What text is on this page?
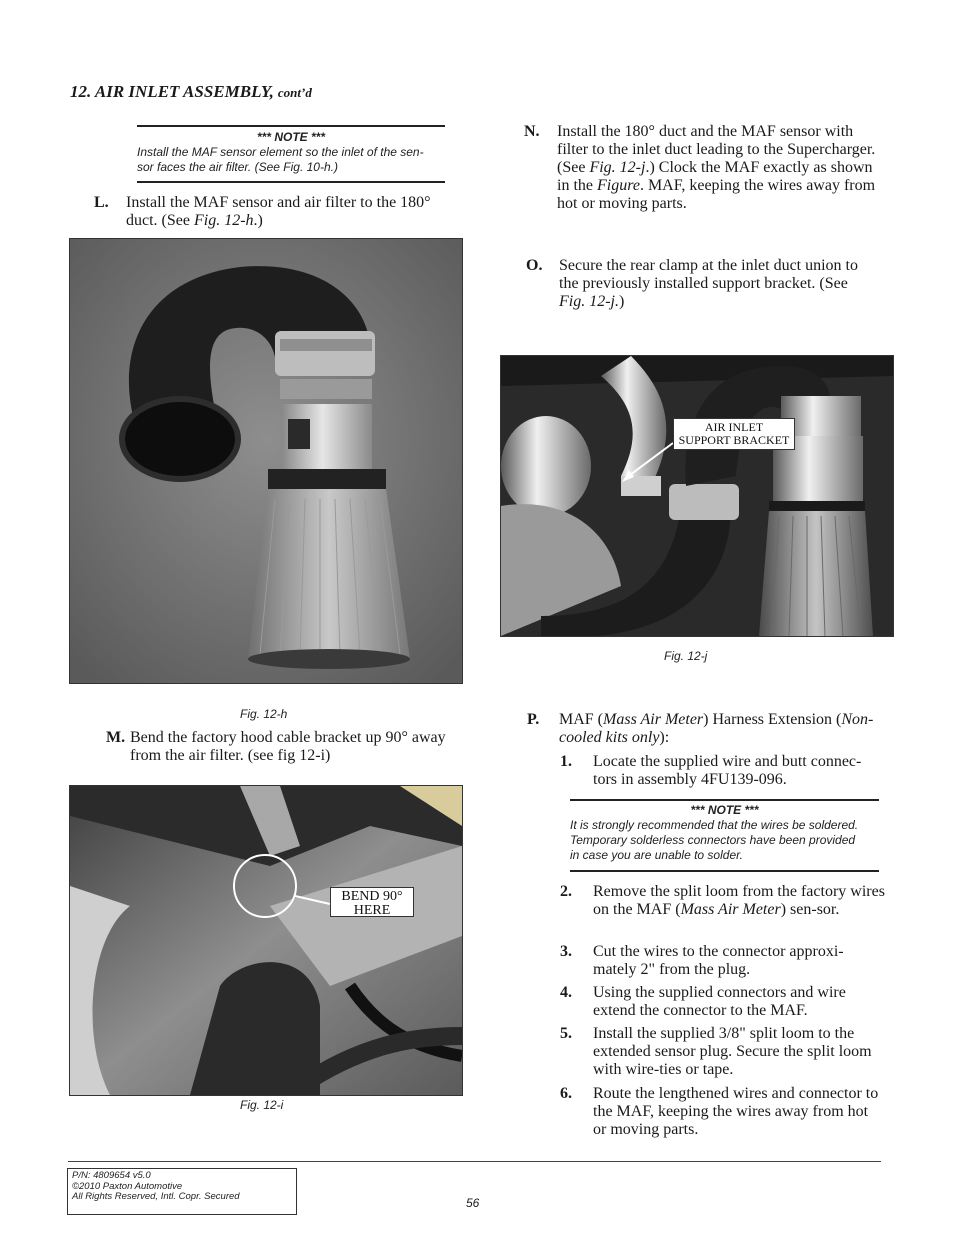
12. AIR INLET ASSEMBLY, cont’d
*** NOTE ***
Install the MAF sensor element so the inlet of the sen-
sor faces the air filter. (See Fig. 10-h.)
L.	Install the MAF sensor and air filter to the 180° duct. (See Fig. 12-h.)
Fig. 12-h
M. Bend the factory hood cable bracket up 90° away from the air filter. (see fig 12-i)
BEND 90°
HERE
Fig. 12-i
N.	Install the 180° duct and the MAF sensor with filter to the inlet duct leading to the Supercharger. (See Fig. 12-j.) Clock the MAF exactly as shown in the Figure. MAF, keeping the wires away from hot or moving parts.
O.	Secure the rear clamp at the inlet duct union to the previously installed support bracket. (See Fig. 12-j.)
AIR INLET
SUPPORT BRACKET
Fig. 12-j
P.	MAF (Mass Air Meter) Harness Extension (Non-cooled kits only):
1.	Locate the supplied wire and butt connec-tors in assembly 4FU139-096.
*** NOTE ***
It is strongly recommended that the wires be soldered.
Temporary solderless connectors have been provided
in case you are unable to solder.
2.	Remove the split loom from the factory wires on the MAF (Mass Air Meter) sen-sor.
3.	Cut the wires to the connector approxi-mately 2" from the plug.
4.	Using the supplied connectors and wire extend the connector to the MAF.
5.	Install the supplied 3/8" split loom to the extended sensor plug. Secure the split loom with wire-ties or tape.
6.	Route the lengthened wires and connector to the MAF, keeping the wires away from hot or moving parts.
P/N: 4809654 v5.0
©2010 Paxton Automotive
All Rights Reserved, Intl. Copr. Secured	56
